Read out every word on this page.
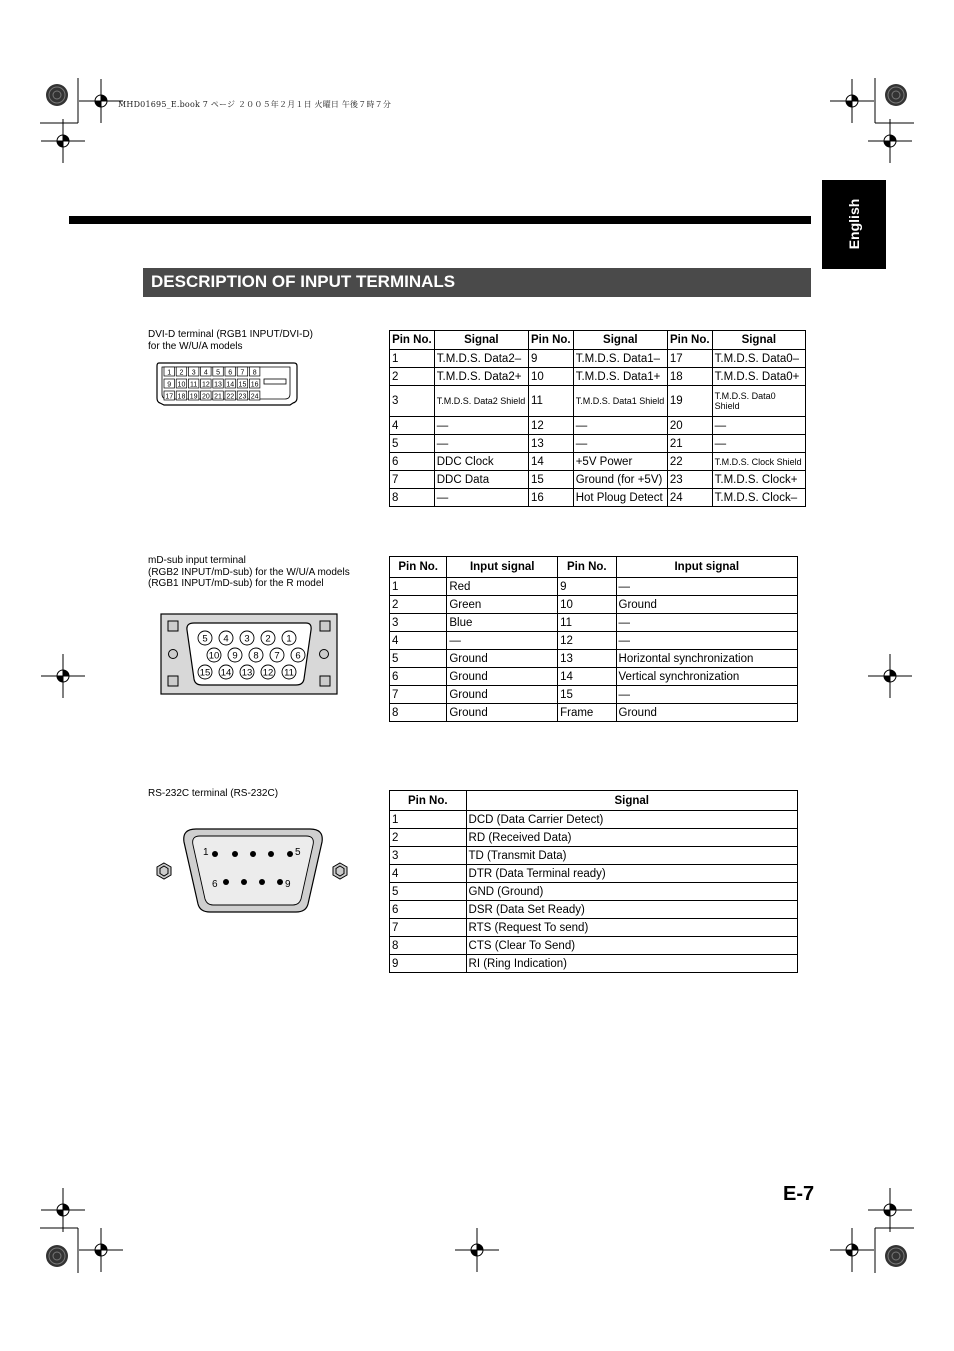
MHD01695_E.book 7 ページ ２００５年２月１日 火曜日 午後７時７分
English
DESCRIPTION OF INPUT TERMINALS
DVI-D terminal (RGB1 INPUT/DVI-D)
for the W/U/A models
1 2 3 4 5 6 7 8
9 10 11 12 13 14 15 16
17 18 19 20 21 22 23 24
Pin No.	Signal	Pin No.	Signal	Pin No.	Signal
1	T.M.D.S. Data2–	9	T.M.D.S. Data1–	17	T.M.D.S. Data0–
2	T.M.D.S. Data2+	10	T.M.D.S. Data1+	18	T.M.D.S. Data0+
3	T.M.D.S. Data2 Shield	11	T.M.D.S. Data1 Shield	19	T.M.D.S. Data0 Shield
4	—	12	—	20	—
5	—	13	—	21	—
6	DDC Clock	14	+5V Power	22	T.M.D.S. Clock Shield
7	DDC Data	15	Ground (for +5V)	23	T.M.D.S. Clock+
8	—	16	Hot Ploug Detect	24	T.M.D.S. Clock–
mD-sub input terminal
(RGB2 INPUT/mD-sub) for the W/U/A models
(RGB1 INPUT/mD-sub) for the R model
5 4 3 2 1
10 9 8 7 6
15 14 13 12 11
Pin No.	Input signal	Pin No.	Input signal
1	Red	9	—
2	Green	10	Ground
3	Blue	11	—
4	—	12	—
5	Ground	13	Horizontal synchronization
6	Ground	14	Vertical synchronization
7	Ground	15	—
8	Ground	Frame	Ground
RS-232C terminal (RS-232C)
1	5
6	9
Pin No.	Signal
1	DCD (Data Carrier Detect)
2	RD (Received Data)
3	TD (Transmit Data)
4	DTR (Data Terminal ready)
5	GND (Ground)
6	DSR (Data Set Ready)
7	RTS (Request To send)
8	CTS (Clear To Send)
9	RI (Ring Indication)
E-7
